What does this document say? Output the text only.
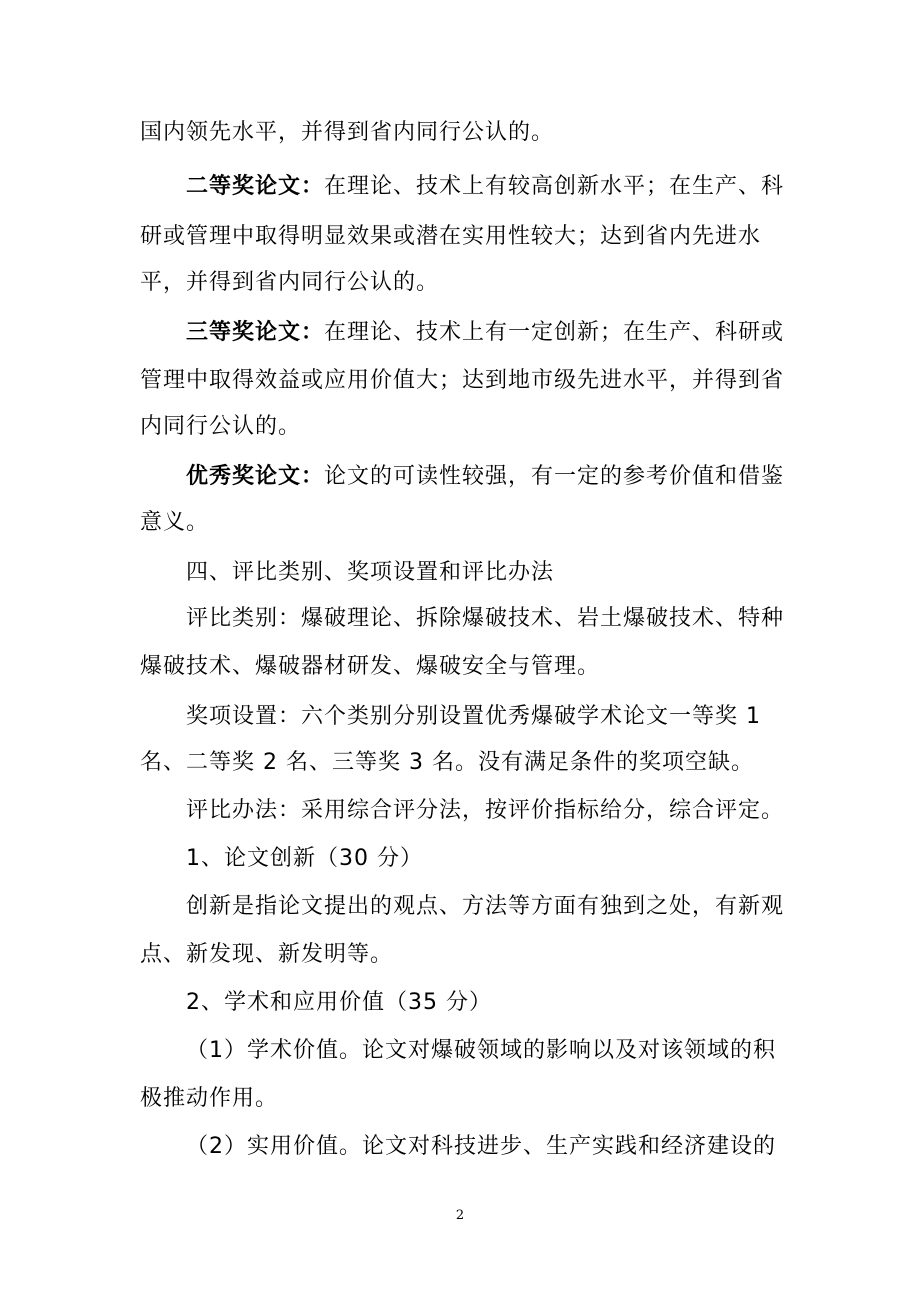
国内领先水平，并得到省内同行公认的。
二等奖论文：在理论、技术上有较高创新水平；在生产、科
研或管理中取得明显效果或潜在实用性较大；达到省内先进水
平，并得到省内同行公认的。
三等奖论文：在理论、技术上有一定创新；在生产、科研或
管理中取得效益或应用价值大；达到地市级先进水平，并得到省
内同行公认的。
优秀奖论文：论文的可读性较强，有一定的参考价值和借鉴
意义。
四、评比类别、奖项设置和评比办法
评比类别：爆破理论、拆除爆破技术、岩土爆破技术、特种
爆破技术、爆破器材研发、爆破安全与管理。
奖项设置：六个类别分别设置优秀爆破学术论文一等奖 1
名、二等奖 2 名、三等奖 3 名。没有满足条件的奖项空缺。
评比办法：采用综合评分法，按评价指标给分，综合评定。
1、论文创新（30 分）
创新是指论文提出的观点、方法等方面有独到之处，有新观
点、新发现、新发明等。
2、学术和应用价值（35 分）
（1）学术价值。论文对爆破领域的影响以及对该领域的积
极推动作用。
（2）实用价值。论文对科技进步、生产实践和经济建设的
2
